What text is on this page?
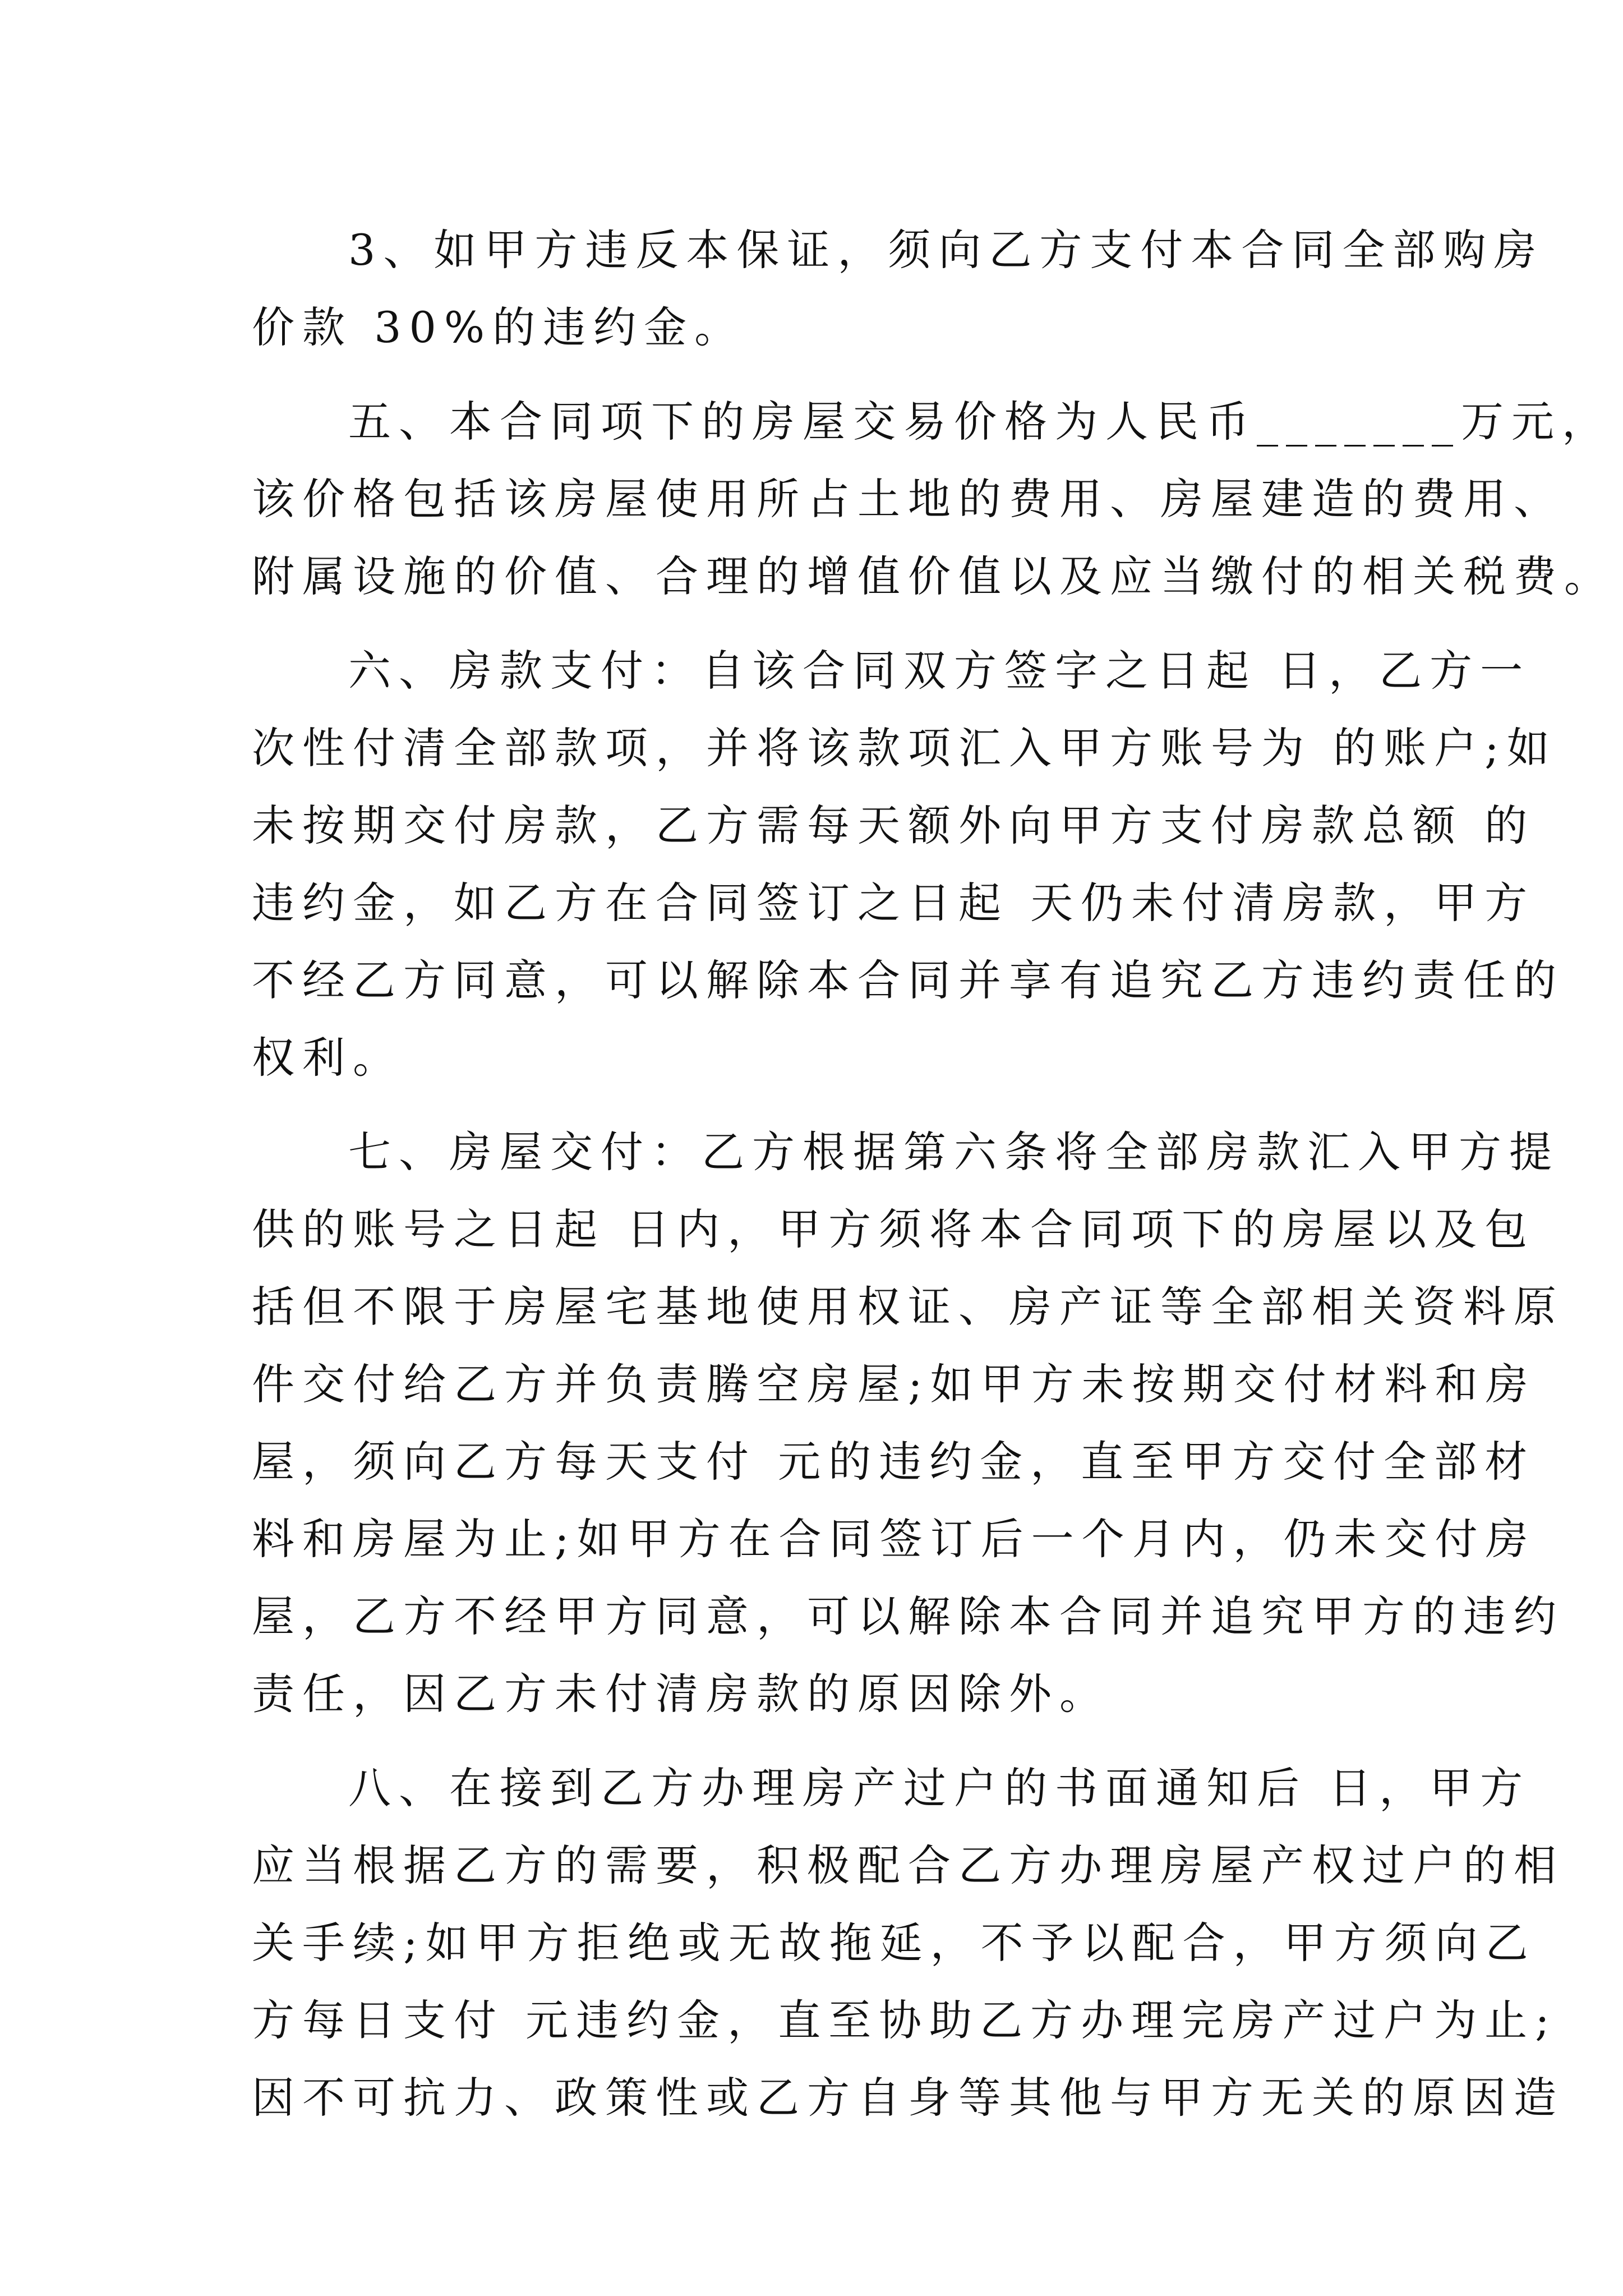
3、如甲方违反本保证，须向乙方支付本合同全部购房
价款 30%的违约金。
五、本合同项下的房屋交易价格为人民币_______万元，
该价格包括该房屋使用所占土地的费用、房屋建造的费用、
附属设施的价值、合理的增值价值以及应当缴付的相关税费。
六、房款支付：自该合同双方签字之日起 日，乙方一
次性付清全部款项，并将该款项汇入甲方账号为 的账户;如
未按期交付房款，乙方需每天额外向甲方支付房款总额 的
违约金，如乙方在合同签订之日起 天仍未付清房款，甲方
不经乙方同意，可以解除本合同并享有追究乙方违约责任的
权利。
七、房屋交付：乙方根据第六条将全部房款汇入甲方提
供的账号之日起 日内，甲方须将本合同项下的房屋以及包
括但不限于房屋宅基地使用权证、房产证等全部相关资料原
件交付给乙方并负责腾空房屋;如甲方未按期交付材料和房
屋，须向乙方每天支付 元的违约金，直至甲方交付全部材
料和房屋为止;如甲方在合同签订后一个月内，仍未交付房
屋，乙方不经甲方同意，可以解除本合同并追究甲方的违约
责任，因乙方未付清房款的原因除外。
八、在接到乙方办理房产过户的书面通知后 日，甲方
应当根据乙方的需要，积极配合乙方办理房屋产权过户的相
关手续;如甲方拒绝或无故拖延，不予以配合，甲方须向乙
方每日支付 元违约金，直至协助乙方办理完房产过户为止;
因不可抗力、政策性或乙方自身等其他与甲方无关的原因造
